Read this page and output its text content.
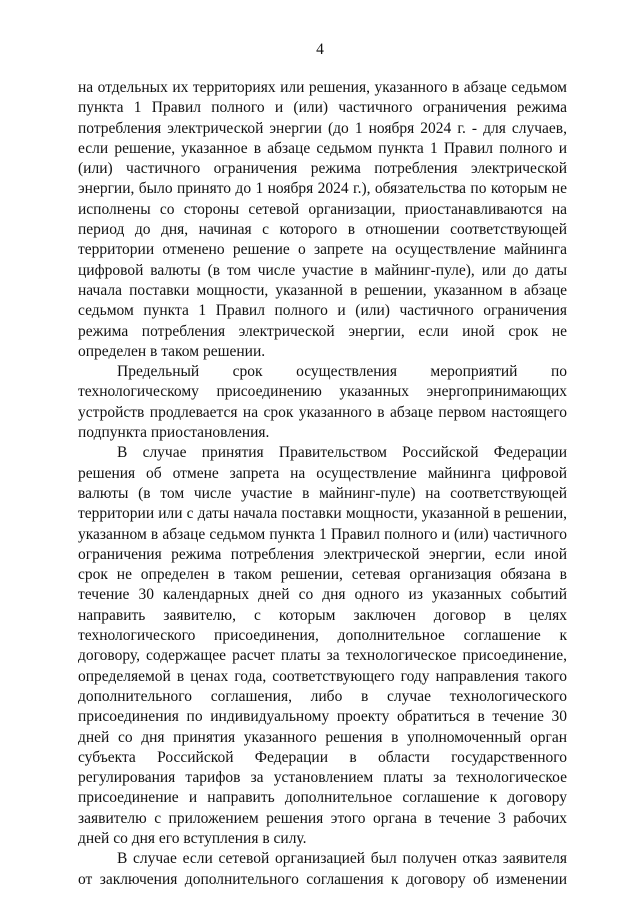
4

на отдельных их территориях или решения, указанного в абзаце седьмом пункта 1 Правил полного и (или) частичного ограничения режима потребления электрической энергии (до 1 ноября 2024 г. - для случаев, если решение, указанное в абзаце седьмом пункта 1 Правил полного и (или) частичного ограничения режима потребления электрической энергии, было принято до 1 ноября 2024 г.), обязательства по которым не исполнены со стороны сетевой организации, приостанавливаются на период до дня, начиная с которого в отношении соответствующей территории отменено решение о запрете на осуществление майнинга цифровой валюты (в том числе участие в майнинг-пуле), или до даты начала поставки мощности, указанной в решении, указанном в абзаце седьмом пункта 1 Правил полного и (или) частичного ограничения режима потребления электрической энергии, если иной срок не определен в таком решении.

Предельный срок осуществления мероприятий по технологическому присоединению указанных энергопринимающих устройств продлевается на срок указанного в абзаце первом настоящего подпункта приостановления.

В случае принятия Правительством Российской Федерации решения об отмене запрета на осуществление майнинга цифровой валюты (в том числе участие в майнинг-пуле) на соответствующей территории или с даты начала поставки мощности, указанной в решении, указанном в абзаце седьмом пункта 1 Правил полного и (или) частичного ограничения режима потребления электрической энергии, если иной срок не определен в таком решении, сетевая организация обязана в течение 30 календарных дней со дня одного из указанных событий направить заявителю, с которым заключен договор в целях технологического присоединения, дополнительное соглашение к договору, содержащее расчет платы за технологическое присоединение, определяемой в ценах года, соответствующего году направления такого дополнительного соглашения, либо в случае технологического присоединения по индивидуальному проекту обратиться в течение 30 дней со дня принятия указанного решения в уполномоченный орган субъекта Российской Федерации в области государственного регулирования тарифов за установлением платы за технологическое присоединение и направить дополнительное соглашение к договору заявителю с приложением решения этого органа в течение 3 рабочих дней со дня его вступления в силу.

В случае если сетевой организацией был получен отказ заявителя от заключения дополнительного соглашения к договору об изменении
